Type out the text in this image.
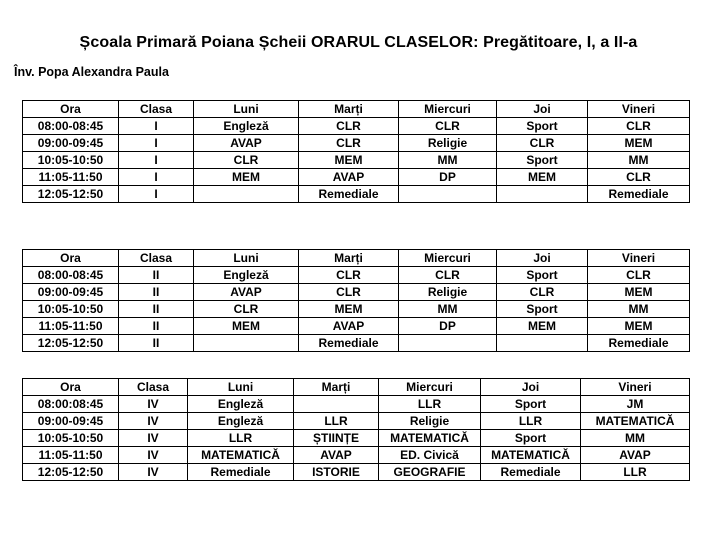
Școala Primară Poiana Șcheii ORARUL CLASELOR: Pregătitoare, I, a II-a
Înv. Popa Alexandra Paula
Ora	Clasa	Luni	Marți	Miercuri	Joi	Vineri
08:00-08:45	I	Engleză	CLR	CLR	Sport	CLR
09:00-09:45	I	AVAP	CLR	Religie	CLR	MEM
10:05-10:50	I	CLR	MEM	MM	Sport	MM
11:05-11:50	I	MEM	AVAP	DP	MEM	CLR
12:05-12:50	I		Remediale			Remediale
Ora	Clasa	Luni	Marți	Miercuri	Joi	Vineri
08:00-08:45	II	Engleză	CLR	CLR	Sport	CLR
09:00-09:45	II	AVAP	CLR	Religie	CLR	MEM
10:05-10:50	II	CLR	MEM	MM	Sport	MM
11:05-11:50	II	MEM	AVAP	DP	MEM	MEM
12:05-12:50	II		Remediale			Remediale
Ora	Clasa	Luni	Marți	Miercuri	Joi	Vineri
08:00:08:45	IV	Engleză		LLR	Sport	JM
09:00-09:45	IV	Engleză	LLR	Religie	LLR	MATEMATICĂ
10:05-10:50	IV	LLR	ȘTIINȚE	MATEMATICĂ	Sport	MM
11:05-11:50	IV	MATEMATICĂ	AVAP	ED. Civică	MATEMATICĂ	AVAP
12:05-12:50	IV	Remediale	ISTORIE	GEOGRAFIE	Remediale	LLR
